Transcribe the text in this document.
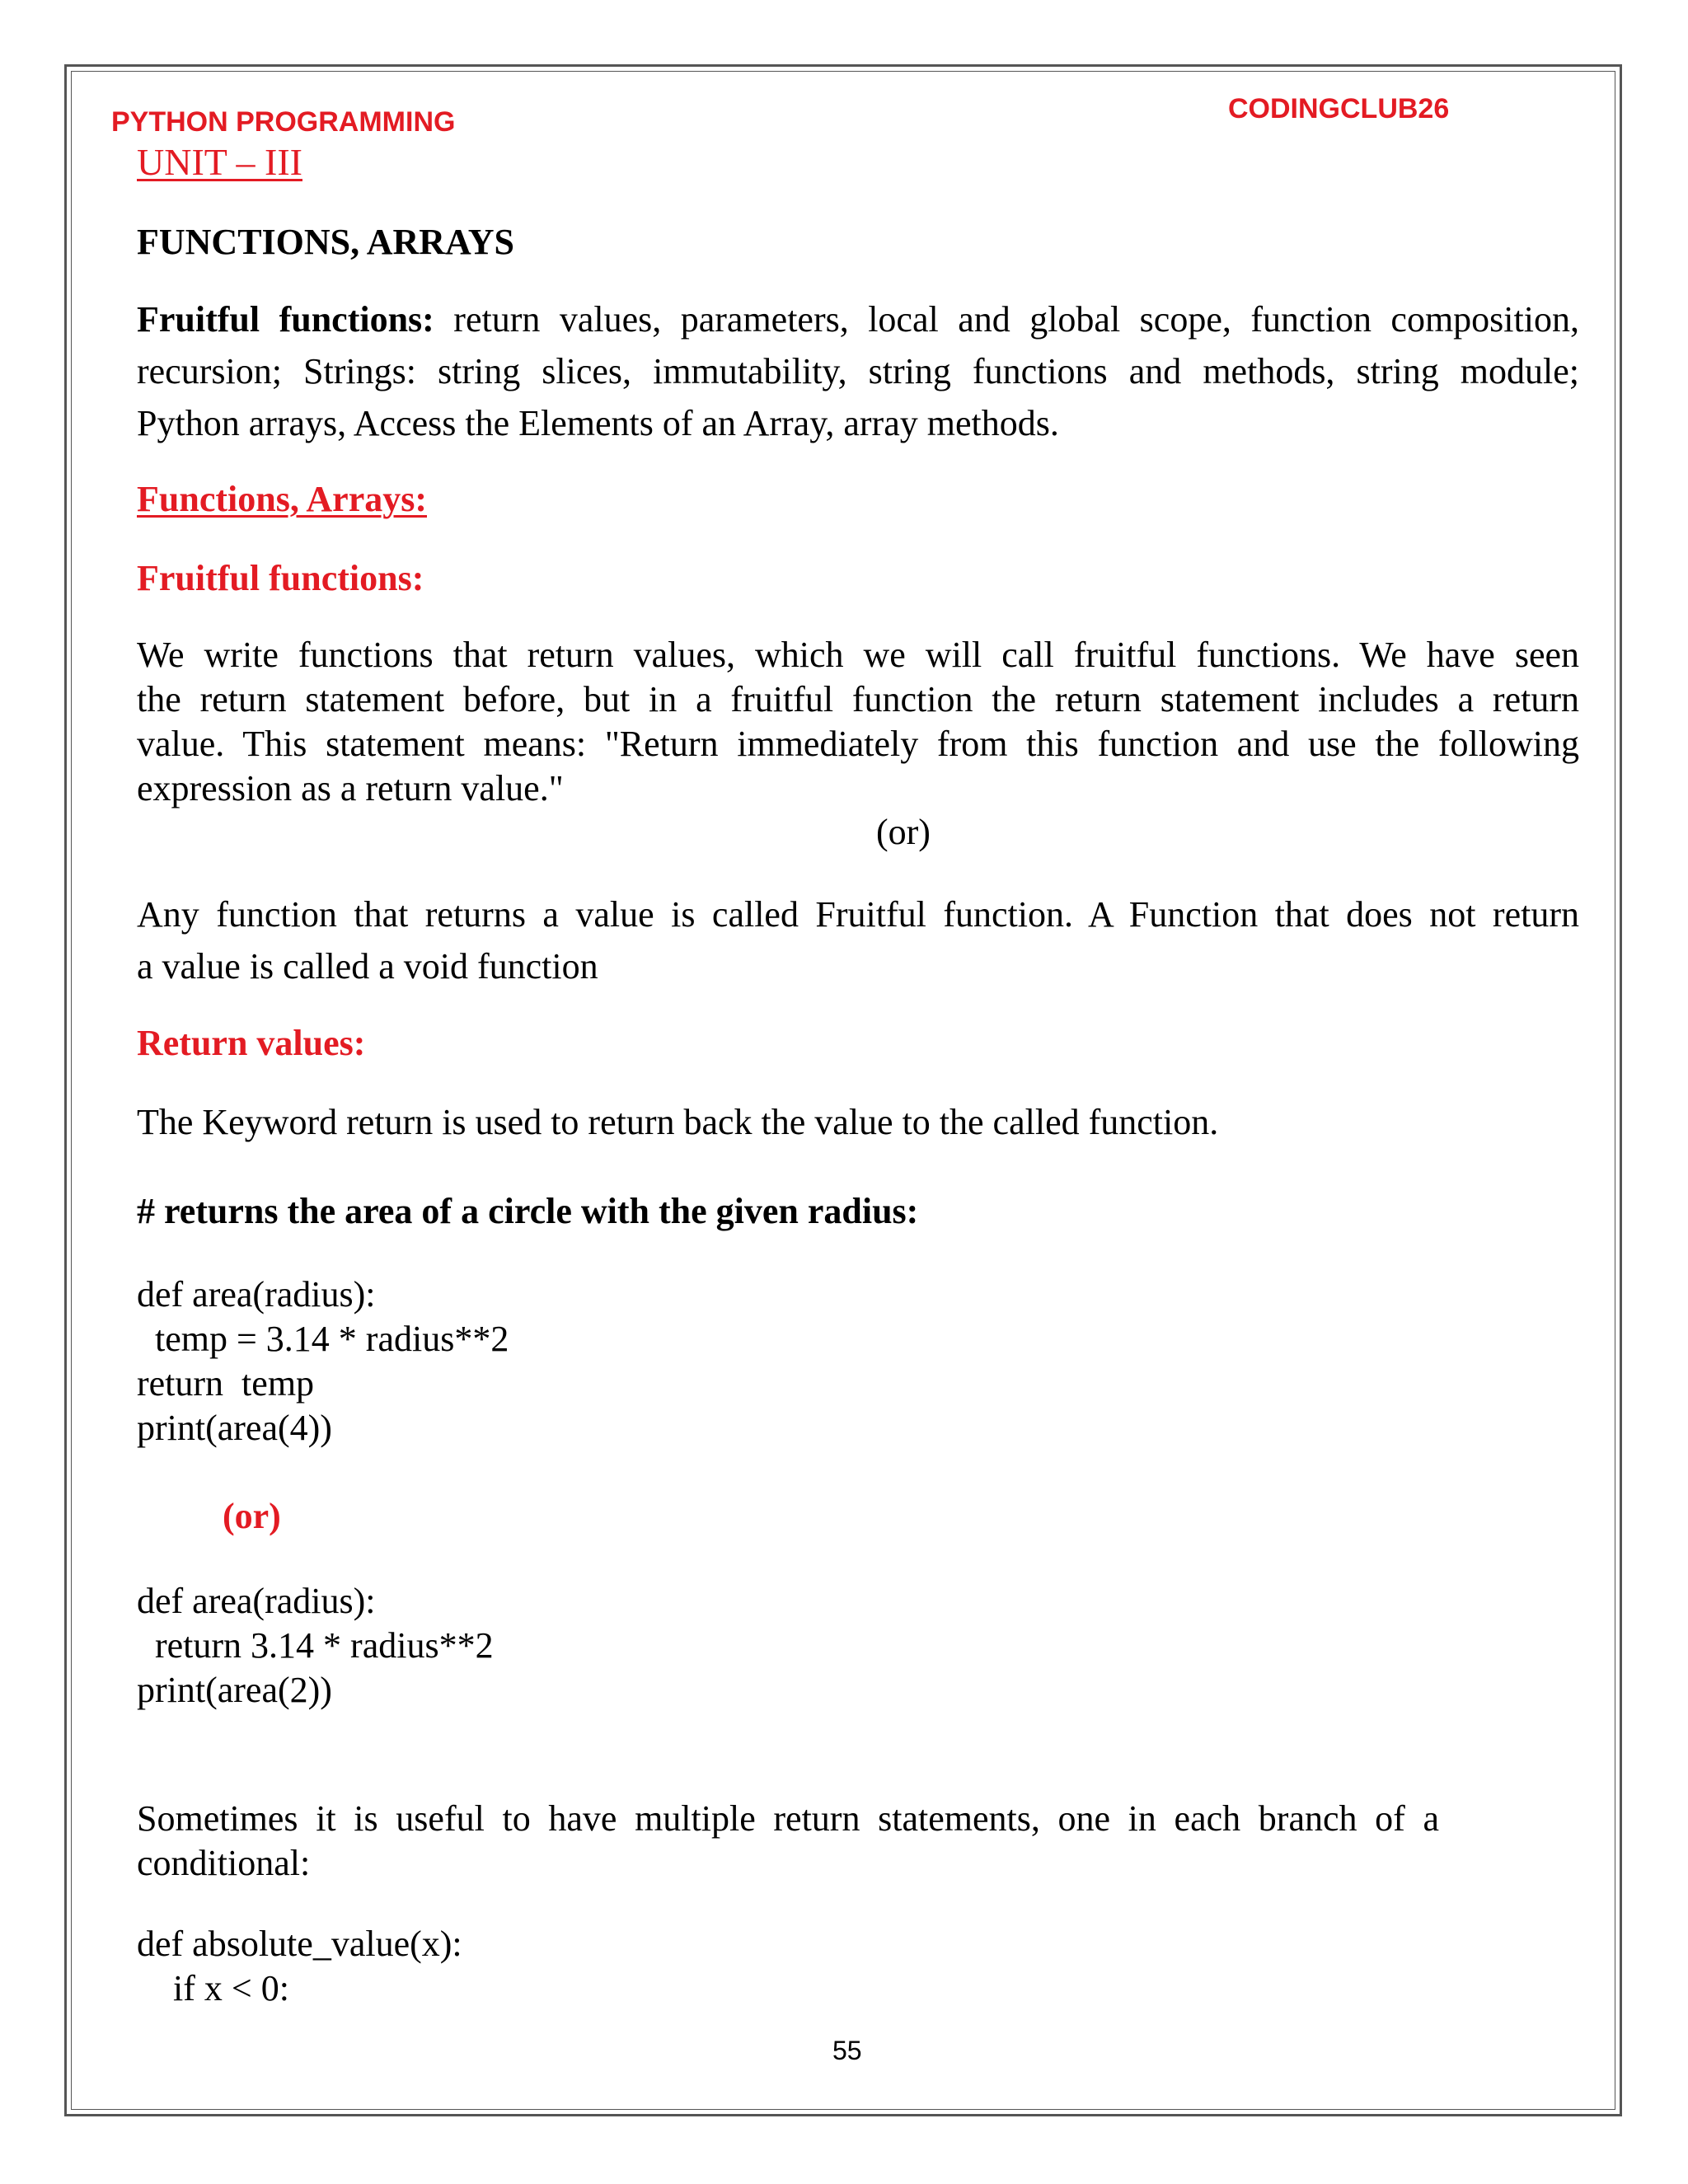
PYTHON PROGRAMMING	CODINGCLUB26
UNIT – III
FUNCTIONS, ARRAYS
Fruitful functions: return values, parameters, local and global scope, function composition,
recursion; Strings: string slices, immutability, string functions and methods, string module;
Python arrays, Access the Elements of an Array, array methods.
Functions, Arrays:
Fruitful functions:
We write functions that return values, which we will call fruitful functions. We have seen
the return statement before, but in a fruitful function the return statement includes a return
value. This statement means: "Return immediately from this function and use the following
expression as a return value."
(or)
Any function that returns a value is called Fruitful function. A Function that does not return
a value is called a void function
Return values:
The Keyword return is used to return back the value to the called function.
# returns the area of a circle with the given radius:
def area(radius):
temp = 3.14 * radius**2
return  temp
print(area(4))
(or)
def area(radius):
return 3.14 * radius**2
print(area(2))
Sometimes it is useful to have multiple return statements, one in each branch of a
conditional:
def absolute_value(x):
if x < 0:
55
